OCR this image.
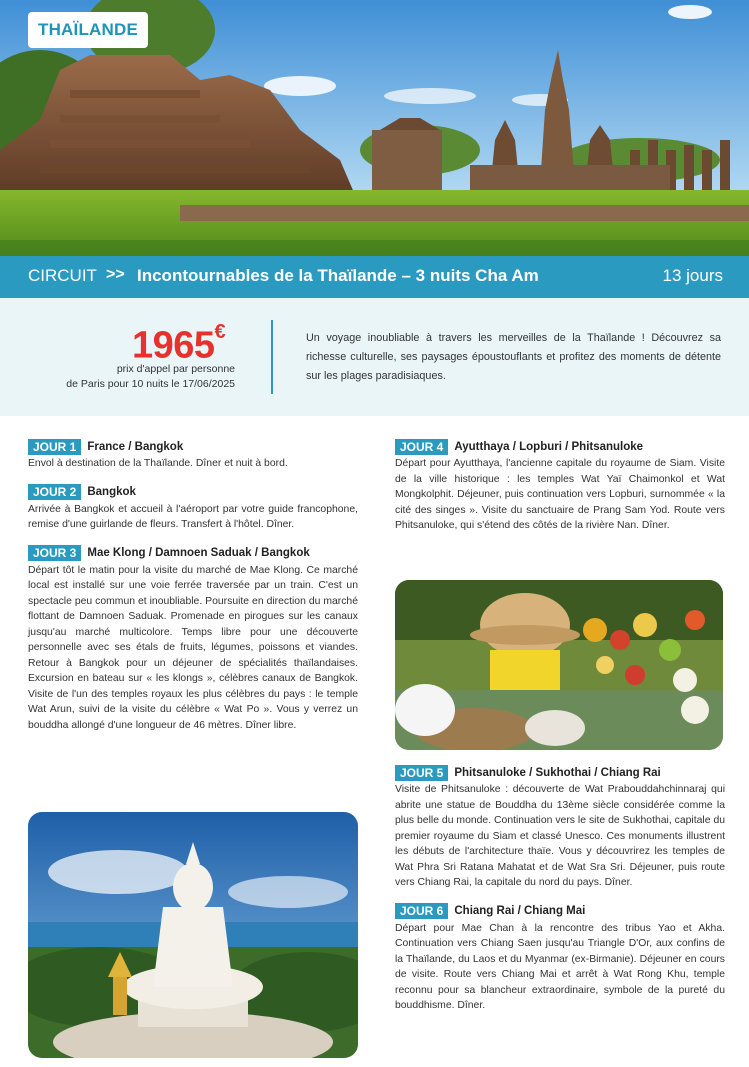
THAÏLANDE
CIRCUIT >> Incontournables de la Thaïlande – 3 nuits Cha Am	13 jours
1965€
prix d'appel par personne
de Paris pour 10 nuits le 17/06/2025
Un voyage inoubliable à travers les merveilles de la Thaïlande ! Découvrez sa richesse culturelle, ses paysages époustouflants et profitez des moments de détente sur les plages paradisiaques.
JOUR 1 France / Bangkok
Envol à destination de la Thaïlande. Dîner et nuit à bord.
JOUR 2 Bangkok
Arrivée à Bangkok et accueil à l'aéroport par votre guide francophone, remise d'une guirlande de fleurs. Transfert à l'hôtel. Dîner.
JOUR 3 Mae Klong / Damnoen Saduak / Bangkok
Départ tôt le matin pour la visite du marché de Mae Klong. Ce marché local est installé sur une voie ferrée traversée par un train. C'est un spectacle peu commun et inoubliable. Poursuite en direction du marché flottant de Damnoen Saduak. Promenade en pirogues sur les canaux jusqu'au marché multicolore. Temps libre pour une découverte personnelle avec ses étals de fruits, légumes, poissons et viandes. Retour à Bangkok pour un déjeuner de spécialités thaïlandaises. Excursion en bateau sur « les klongs », célèbres canaux de Bangkok. Visite de l'un des temples royaux les plus célèbres du pays : le temple Wat Arun, suivi de la visite du célèbre « Wat Po ». Vous y verrez un bouddha allongé d'une longueur de 46 mètres. Dîner libre.
JOUR 4 Ayutthaya / Lopburi / Phitsanuloke
Départ pour Ayutthaya, l'ancienne capitale du royaume de Siam. Visite de la ville historique : les temples Wat Yaï Chaimonkol et Wat Mongkolphit. Déjeuner, puis continuation vers Lopburi, surnommée « la cité des singes ». Visite du sanctuaire de Prang Sam Yod. Route vers Phitsanuloke, qui s'étend des côtés de la rivière Nan. Dîner.
JOUR 5 Phitsanuloke / Sukhothai / Chiang Rai
Visite de Phitsanuloke : découverte de Wat Prabouddahchinnaraj qui abrite une statue de Bouddha du 13ème siècle considérée comme la plus belle du monde. Continuation vers le site de Sukhothai, capitale du premier royaume du Siam et classé Unesco. Ces monuments illustrent les débuts de l'architecture thaïe. Vous y découvrirez les temples de Wat Phra Sri Ratana Mahatat et de Wat Sra Sri. Déjeuner, puis route vers Chiang Rai, la capitale du nord du pays. Dîner.
JOUR 6 Chiang Rai / Chiang Mai
Départ pour Mae Chan à la rencontre des tribus Yao et Akha. Continuation vers Chiang Saen jusqu'au Triangle D'Or, aux confins de la Thaïlande, du Laos et du Myanmar (ex-Birmanie). Déjeuner en cours de visite. Route vers Chiang Mai et arrêt à Wat Rong Khu, temple reconnu pour sa blancheur extraordinaire, symbole de la pureté du bouddhisme. Dîner.
